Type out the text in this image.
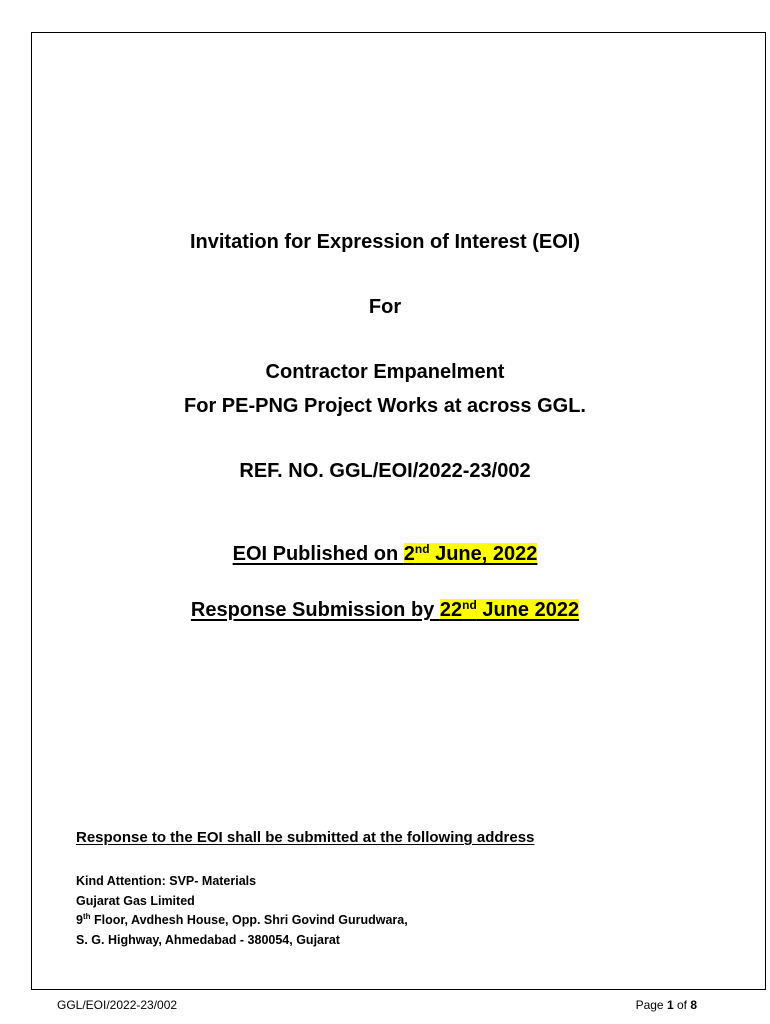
Invitation for Expression of Interest (EOI)
For
Contractor Empanelment
For PE-PNG Project Works at across GGL.
REF. NO. GGL/EOI/2022-23/002
EOI Published on 2nd June, 2022
Response Submission by 22nd June 2022
Response to the EOI shall be submitted at the following address
Kind Attention: SVP- Materials
Gujarat Gas Limited
9th Floor, Avdhesh House, Opp. Shri Govind Gurudwara,
S. G. Highway, Ahmedabad - 380054, Gujarat
GGL/EOI/2022-23/002	Page 1 of 8
